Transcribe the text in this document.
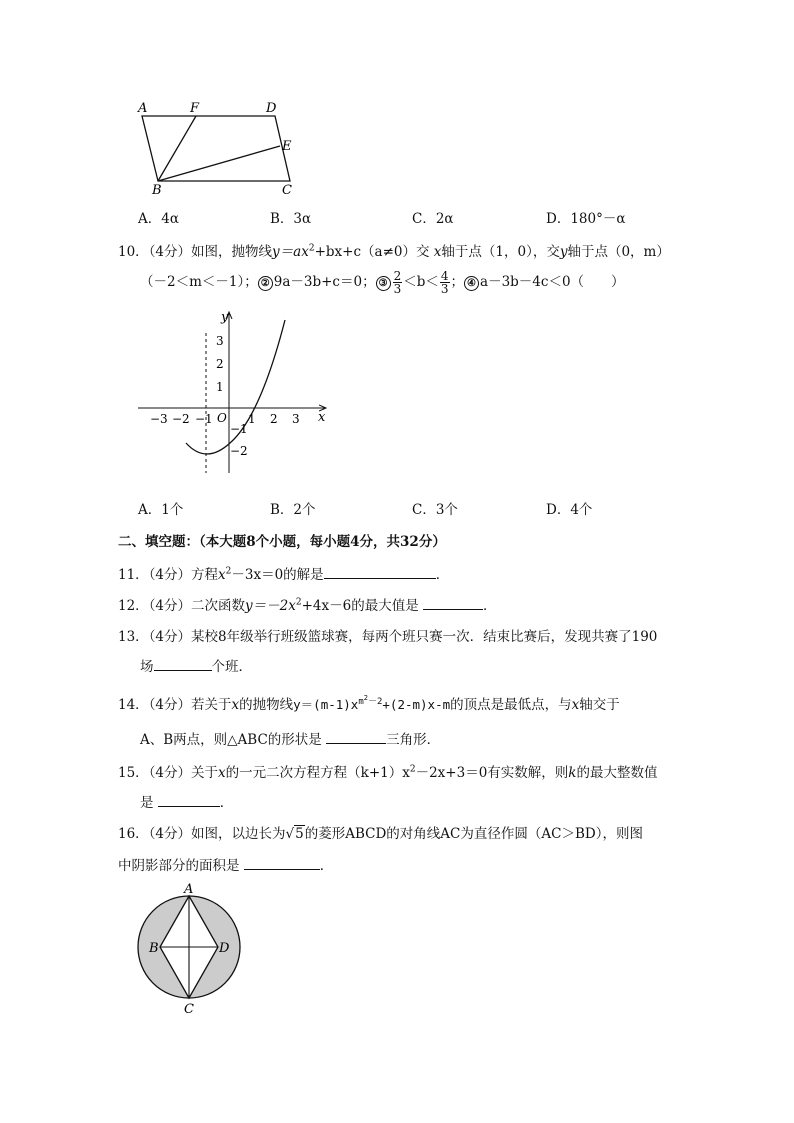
A	F	D
E
B	C
A．4α	B．3α	C．2α	D．180°－α
10．（4分）如图，抛物线$y=ax^2+bx+c(a\ne 0)$交 x轴于点（1，0），交y轴于点（0，m）
（－2＜m＜－1）； ② 9a－3b+c＝0； ③ $\frac{2}{3} <b< \frac{4}{3}$ ； ④ a－3b－4c＜0（　　）
3
2
1
−1
−2
−3 −2 −1	1 2 3
O
y
x
A．1个	B．2个	C．3个	D．4个
二、填空题：（本大题8个小题，每小题4分，共32分）
11．（4分）方程$x^2-3x=0$的解是	．
12．（4分）二次函数$y=-2x^2+4x-6$的最大值是	．
13．（4分）某校8年级举行班级篮球赛，每两个班只赛一次．结束比赛后，发现共赛了190
场	个班．
14．（4分）若关于x的抛物线$y=(m-1)x^{m^2-2}+(2-m)x-m$的顶点是最低点，与x轴交于
A、B两点，则△ABC的形状是	三角形．
15．（4分）关于x的一元二次方程方程$(k+1)x^2-2x+3=0$有实数解，则k的最大整数值
是	．
16．（4分）如图，以边长为√5的菱形ABCD的对角线AC为直径作圆（AC＞BD），则图
中阴影部分的面积是	．
A
B
C
D
